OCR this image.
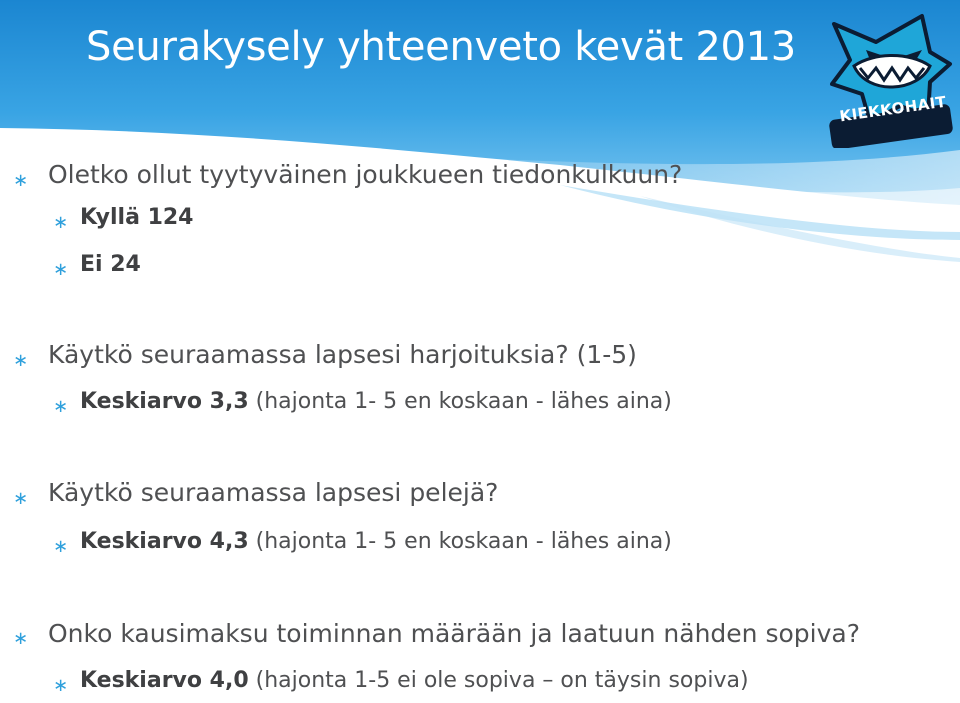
Seurakysely yhteenveto kevät 2013
KIEKKOHAIT
∗ Oletko ollut tyytyväinen joukkueen tiedonkulkuun?
∗ Kyllä 124
∗ Ei 24
∗ Käytkö seuraamassa lapsesi harjoituksia? (1-5)
∗ Keskiarvo 3,3 (hajonta 1- 5 en koskaan - lähes aina)
∗ Käytkö seuraamassa lapsesi pelejä?
∗ Keskiarvo 4,3 (hajonta 1- 5 en koskaan - lähes aina)
∗ Onko kausimaksu toiminnan määrään ja laatuun nähden sopiva?
∗ Keskiarvo 4,0 (hajonta 1-5 ei ole sopiva – on täysin sopiva)
